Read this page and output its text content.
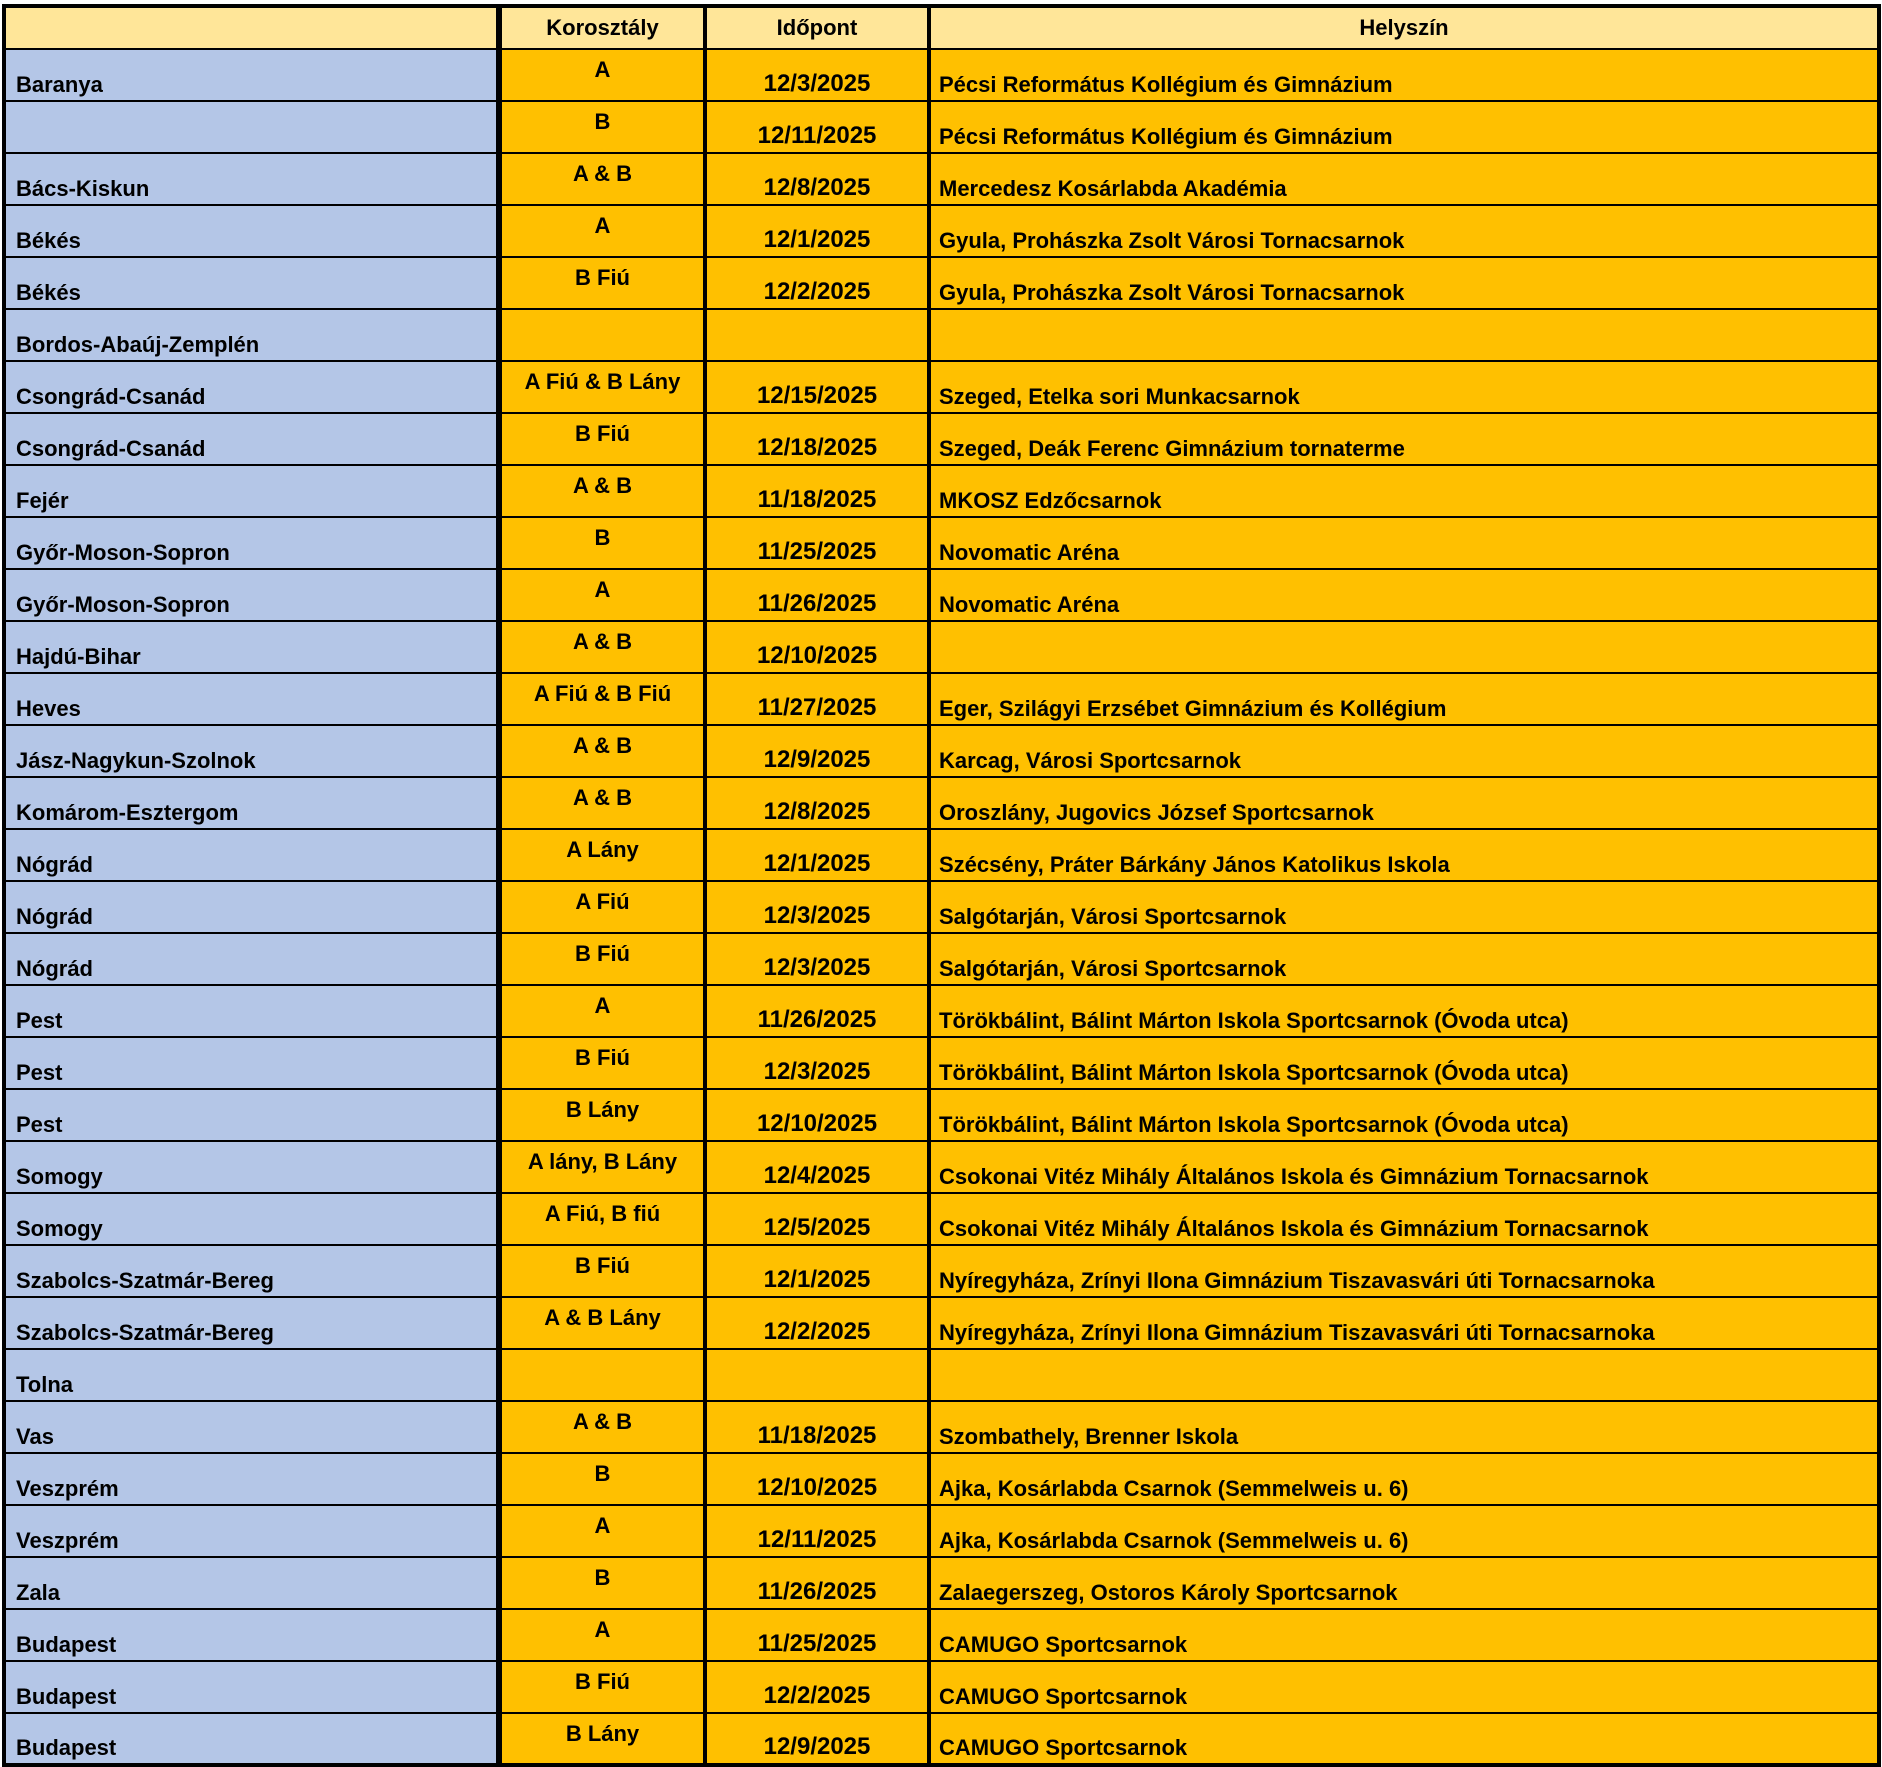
	Korosztály	Időpont	Helyszín
Baranya	A	12/3/2025	Pécsi Református Kollégium és Gimnázium
	B	12/11/2025	Pécsi Református Kollégium és Gimnázium
Bács-Kiskun	A & B	12/8/2025	Mercedesz Kosárlabda Akadémia
Békés	A	12/1/2025	Gyula, Prohászka Zsolt Városi Tornacsarnok
Békés	B Fiú	12/2/2025	Gyula, Prohászka Zsolt Városi Tornacsarnok
Bordos-Abaúj-Zemplén			
Csongrád-Csanád	A Fiú & B Lány	12/15/2025	Szeged, Etelka sori Munkacsarnok
Csongrád-Csanád	B Fiú	12/18/2025	Szeged, Deák Ferenc Gimnázium tornaterme
Fejér	A & B	11/18/2025	MKOSZ Edzőcsarnok
Győr-Moson-Sopron	B	11/25/2025	Novomatic Aréna
Győr-Moson-Sopron	A	11/26/2025	Novomatic Aréna
Hajdú-Bihar	A & B	12/10/2025	
Heves	A Fiú & B Fiú	11/27/2025	Eger, Szilágyi Erzsébet Gimnázium és Kollégium
Jász-Nagykun-Szolnok	A & B	12/9/2025	Karcag, Városi Sportcsarnok
Komárom-Esztergom	A & B	12/8/2025	Oroszlány, Jugovics József Sportcsarnok
Nógrád	A Lány	12/1/2025	Szécsény, Práter Bárkány János Katolikus Iskola
Nógrád	A Fiú	12/3/2025	Salgótarján, Városi Sportcsarnok
Nógrád	B Fiú	12/3/2025	Salgótarján, Városi Sportcsarnok
Pest	A	11/26/2025	Törökbálint, Bálint Márton Iskola Sportcsarnok (Óvoda utca)
Pest	B Fiú	12/3/2025	Törökbálint, Bálint Márton Iskola Sportcsarnok (Óvoda utca)
Pest	B Lány	12/10/2025	Törökbálint, Bálint Márton Iskola Sportcsarnok (Óvoda utca)
Somogy	A lány, B Lány	12/4/2025	Csokonai Vitéz Mihály Általános Iskola és Gimnázium Tornacsarnok
Somogy	A Fiú, B fiú	12/5/2025	Csokonai Vitéz Mihály Általános Iskola és Gimnázium Tornacsarnok
Szabolcs-Szatmár-Bereg	B Fiú	12/1/2025	Nyíregyháza, Zrínyi Ilona Gimnázium Tiszavasvári úti Tornacsarnoka
Szabolcs-Szatmár-Bereg	A & B Lány	12/2/2025	Nyíregyháza, Zrínyi Ilona Gimnázium Tiszavasvári úti Tornacsarnoka
Tolna			
Vas	A & B	11/18/2025	Szombathely, Brenner Iskola
Veszprém	B	12/10/2025	Ajka, Kosárlabda Csarnok (Semmelweis u. 6)
Veszprém	A	12/11/2025	Ajka, Kosárlabda Csarnok (Semmelweis u. 6)
Zala	B	11/26/2025	Zalaegerszeg, Ostoros Károly Sportcsarnok
Budapest	A	11/25/2025	CAMUGO Sportcsarnok
Budapest	B Fiú	12/2/2025	CAMUGO Sportcsarnok
Budapest	B Lány	12/9/2025	CAMUGO Sportcsarnok
